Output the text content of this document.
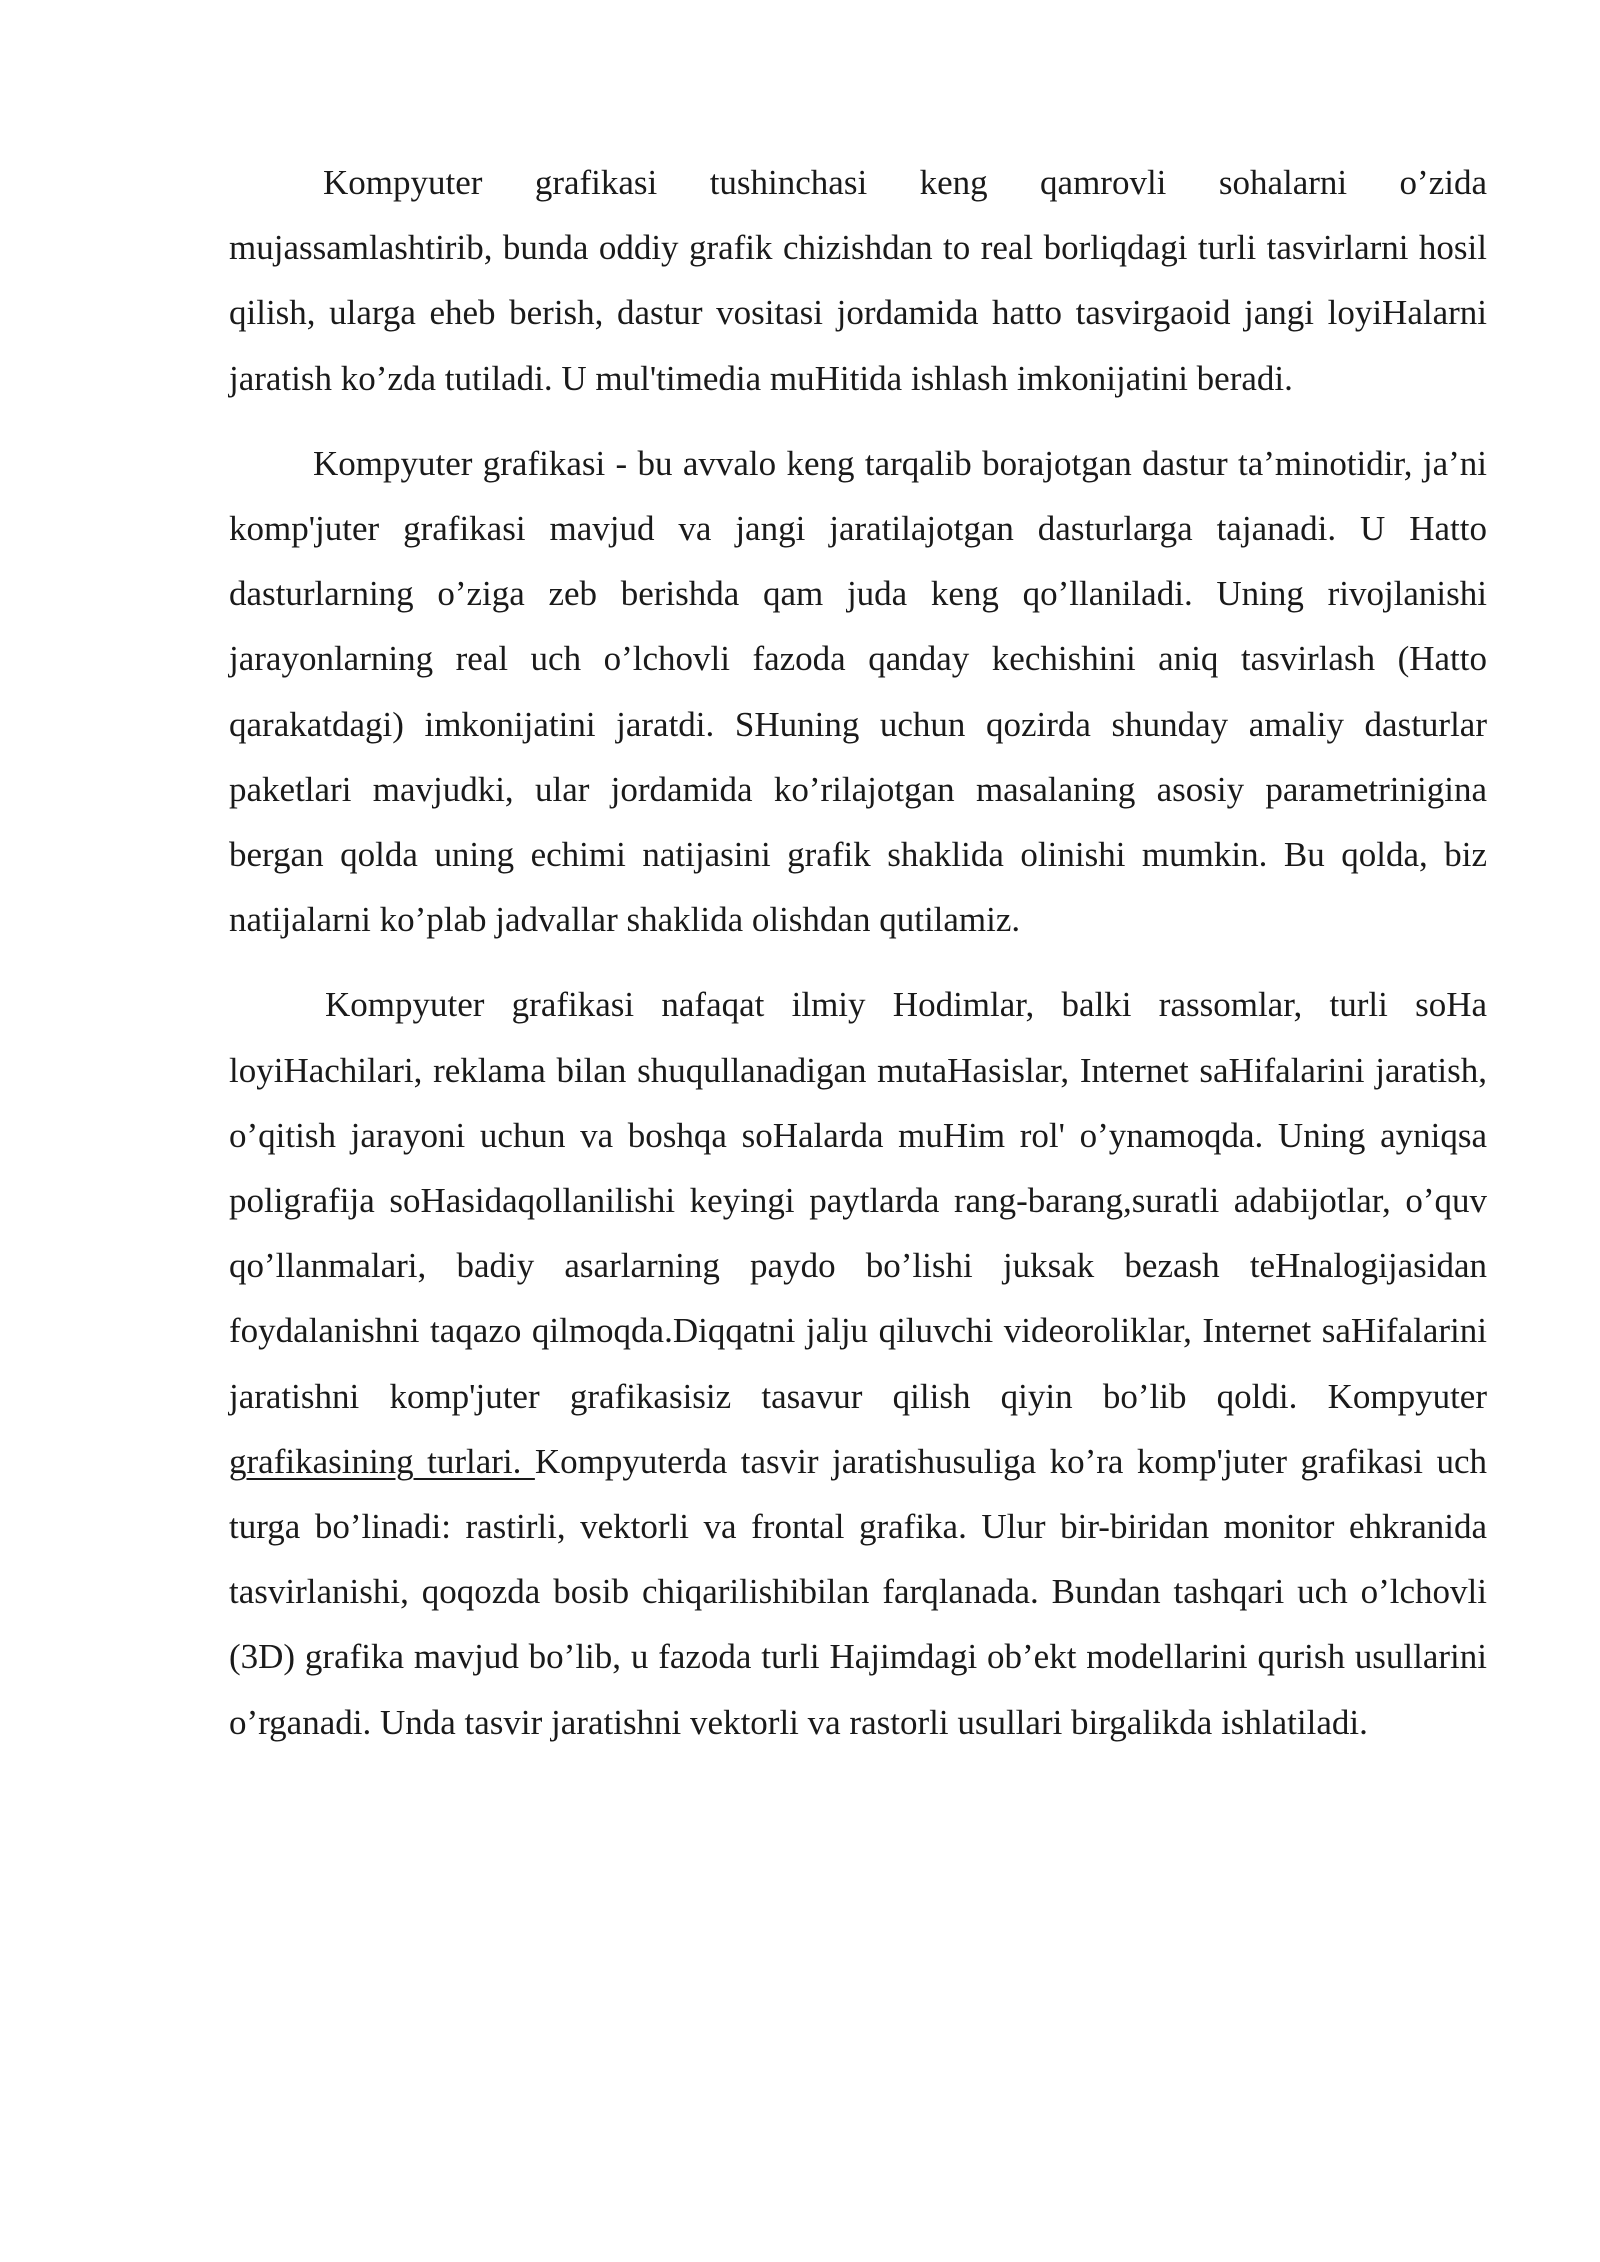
Kompyuter grafikasi tushinchasi keng qamrovli sohalarni o’zida mujassamlashtirib, bunda oddiy grafik chizishdan to real borliqdagi turli tasvirlarni hosil qilish, ularga eheb berish, dastur vositasi jordamida hatto tasvirgaoid jangi loyiHalarni jaratish ko’zda tutiladi. U mul'timedia muHitida ishlash imkonijatini beradi.

Kompyuter grafikasi - bu avvalo keng tarqalib borajotgan dastur ta’minotidir, ja’ni komp'juter grafikasi mavjud va jangi jaratilajotgan dasturlarga tajanadi. U Hatto dasturlarning o’ziga zeb berishda qam juda keng qo’llaniladi. Uning rivojlanishi jarayonlarning real uch o’lchovli fazoda qanday kechishini aniq tasvirlash (Hatto qarakatdagi) imkonijatini jaratdi. SHuning uchun qozirda shunday amaliy dasturlar paketlari mavjudki, ular jordamida ko’rilajotgan masalaning asosiy parametrinigina bergan qolda uning echimi natijasini grafik shaklida olinishi mumkin. Bu qolda, biz natijalarni ko’plab jadvallar shaklida olishdan qutilamiz.

Kompyuter grafikasi nafaqat ilmiy Hodimlar, balki rassomlar, turli soHa loyiHachilari, reklama bilan shuqullanadigan mutaHasislar, Internet saHifalarini jaratish, o’qitish jarayoni uchun va boshqa soHalarda muHim rol' o’ynamoqda. Uning ayniqsa poligrafija soHasidaqollanilishi keyingi paytlarda rang-barang,suratli adabijotlar, o’quv qo’llanmalari, badiy asarlarning paydo bo’lishi juksak bezash teHnalogijasidan foydalanishni taqazo qilmoqda.Diqqatni jalju qiluvchi videoroliklar, Internet saHifalarini jaratishni komp'juter grafikasisiz tasavur qilish qiyin bo’lib qoldi. Kompyuter grafikasining turlari. Kompyuterda tasvir jaratishusuliga ko’ra komp'juter grafikasi uch turga bo’linadi: rastirli, vektorli va frontal grafika. Ulur bir-biridan monitor ehkranida tasvirlanishi, qoqozda bosib chiqarilishibilan farqlanada. Bundan tashqari uch o’lchovli (3D) grafika mavjud bo’lib, u fazoda turli Hajimdagi ob’ekt modellarini qurish usullarini o’rganadi. Unda tasvir jaratishni vektorli va rastorli usullari birgalikda ishlatiladi.
